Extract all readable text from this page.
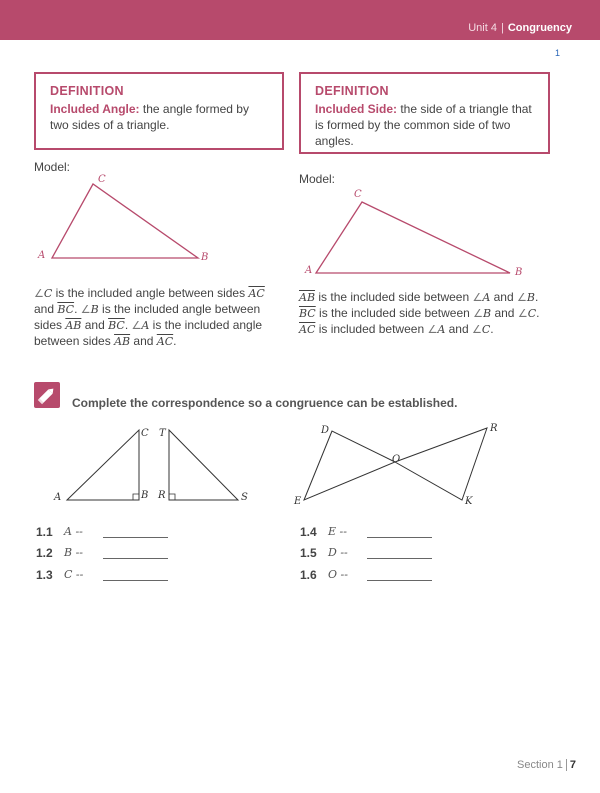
Unit 4 | Congruency
1
DEFINITION
Included Angle: the angle formed by two sides of a triangle.
DEFINITION
Included Side: the side of a triangle that is formed by the common side of two angles.
Model:
Model:
A	B
C
A	B
C
A	B
C
R	S
T	D
E
O
R
K
∠C is the included angle between sides $\overline{AC}$ and $\overline{BC}$. ∠B is the included angle between sides $\overline{AB}$ and $\overline{BC}$. ∠A is the included angle between sides $\overline{AB}$ and $\overline{AC}$.
$\overline{AB}$ is the included side between ∠A and ∠B. $\overline{BC}$ is the included side between ∠B and ∠C. $\overline{AC}$ is included between ∠A and ∠C.
Complete the correspondence so a congruence can be established.
1.1 A --
1.2 B --
1.3 C --
1.4 E --
1.5 D --
1.6 O --
Section 1 7
